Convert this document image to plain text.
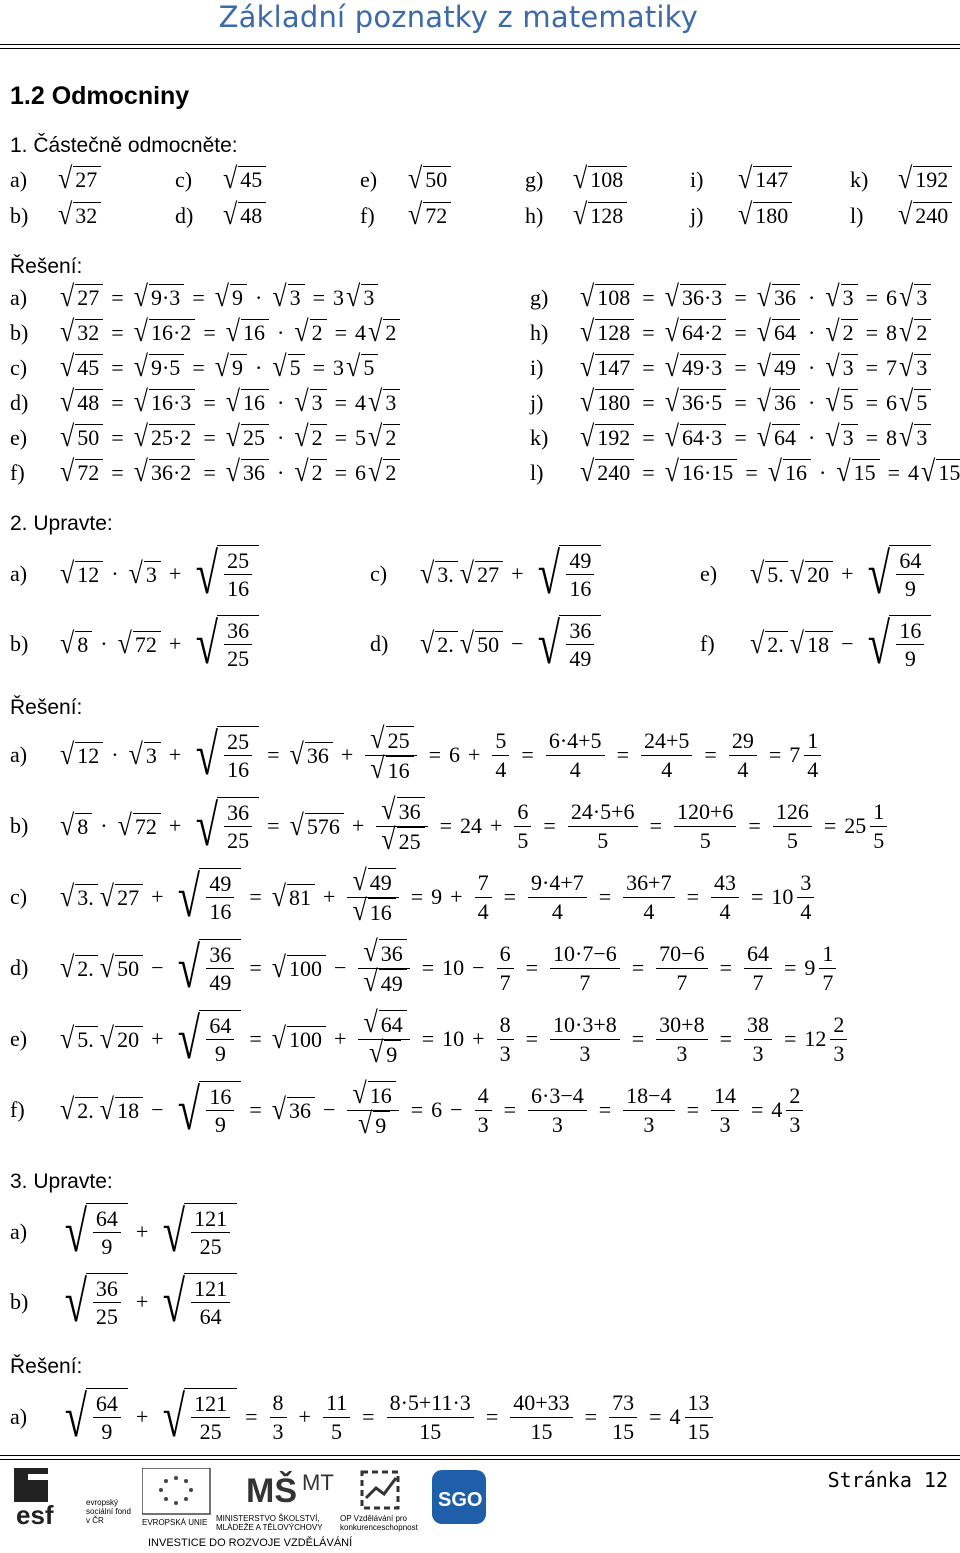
Základní poznatky z matematiky
1.2 Odmocniny
1. Částečně odmocněte:
a)	√ 27	c)	√ 45	e)	√ 50	g)	√ 108	i)	√ 147	k)	√ 192
b)	√ 32	d)	√ 48	f)	√ 72	h)	√ 128	j)	√ 180	l)	√ 240
Řešení:
a)	√ 27 = √ 9·3 = √ 9 · √ 3 = 3 √ 3
b)	√ 32 = √ 16·2 = √ 16 · √ 2 = 4 √ 2
c)	√ 45 = √ 9·5 = √ 9 · √ 5 = 3 √ 5
d)	√ 48 = √ 16·3 = √ 16 · √ 3 = 4 √ 3
e)	√ 50 = √ 25·2 = √ 25 · √ 2 = 5 √ 2
f)	√ 72 = √ 36·2 = √ 36 · √ 2 = 6 √ 2
g)	√ 108 = √ 36·3 = √ 36 · √ 3 = 6 √ 3
h)	√ 128 = √ 64·2 = √ 64 · √ 2 = 8 √ 2
i)	√ 147 = √ 49·3 = √ 49 · √ 3 = 7 √ 3
j)	√ 180 = √ 36·5 = √ 36 · √ 5 = 6 √ 5
k)	√ 192 = √ 64·3 = √ 64 · √ 3 = 8 √ 3
l)	√ 240 = √ 16·15 = √ 16 · √ 15 = 4 √ 15
2. Upravte:
a)	√ 12 · √ 3 + √ $\frac{25}{16}$
b)	√ 8 · √ 72 + √ $\frac{36}{25}$
c)	√ 3. √ 27 + √ $\frac{49}{16}$
d)	√ 2. √ 50 − √ $\frac{36}{49}$
e)	√ 5. √ 20 + √ $\frac{64}{9}$
f)	√ 2. √ 18 − √ $\frac{16}{9}$
Řešení:
a)	√ 12 · √ 3 + √ $\frac{25}{16}$ = √ $36 + \frac{√ 25}{√ 16} = 6 + \frac{5}{4} = \frac{6\cdot 4+5}{4} = \frac{24+5}{4} = \frac{29}{4} = 7 \frac{1}{4}$
b)	√ 8 · √ 72 + √ $\frac{36}{25}$ = √ $576 + \frac{√ 36}{√ 25} = 24 + \frac{6}{5} = \frac{24\cdot 5+6}{5} = \frac{120+6}{5} = \frac{126}{5} = 25 \frac{1}{5}$
c)	√ 3. √ 27 + √ $\frac{49}{16}$ = √ $81 + \frac{√ 49}{√ 16} = 9 + \frac{7}{4} = \frac{9\cdot 4+7}{4} = \frac{36+7}{4} = \frac{43}{4} = 10 \frac{3}{4}$
d)	√ 2. √ 50 − √ $\frac{36}{49}$ = √ $100 - \frac{√ 36}{√ 49} = 10 - \frac{6}{7} = \frac{10\cdot 7-6}{7} = \frac{70-6}{7} = \frac{64}{7} = 9 \frac{1}{7}$
e)	√ 5. √ 20 + √ $\frac{64}{9}$ = √ $100 + \frac{√ 64}{√ 9} = 10 + \frac{8}{3} = \frac{10\cdot 3+8}{3} = \frac{30+8}{3} = \frac{38}{3} = 12 \frac{2}{3}$
f)	√ 2. √ 18 − √ $\frac{16}{9}$ = √ $36 - \frac{√ 16}{√ 9} = 6 - \frac{4}{3} = \frac{6\cdot 3-4}{3} = \frac{18-4}{3} = \frac{14}{3} = 4 \frac{2}{3}$
3. Upravte:
a) √ $\frac{64}{9}$ + √ $\frac{121}{25}$
b) √ $\frac{36}{25}$ + √ $\frac{121}{64}$
Řešení:
a) √ $\frac{64}{9}$ + √ $\frac{121}{25} = \frac{8}{3} + \frac{11}{5} = \frac{8\cdot 5+11\cdot 3}{15} = \frac{40+33}{15} = \frac{73}{15} = 4 \frac{13}{15}$
esf	evropský sociální fond v ČR	EVROPSKÁ UNIE
MŠ MT
MINISTERSTVO ŠKOLSTVÍ, MLÁDEŽE A TĚLOVÝCHOVY
OP Vzdělávání pro konkurenceschopnost
SGO
INVESTICE DO ROZVOJE VZDĚLÁVÁNÍ
Stránka 12
